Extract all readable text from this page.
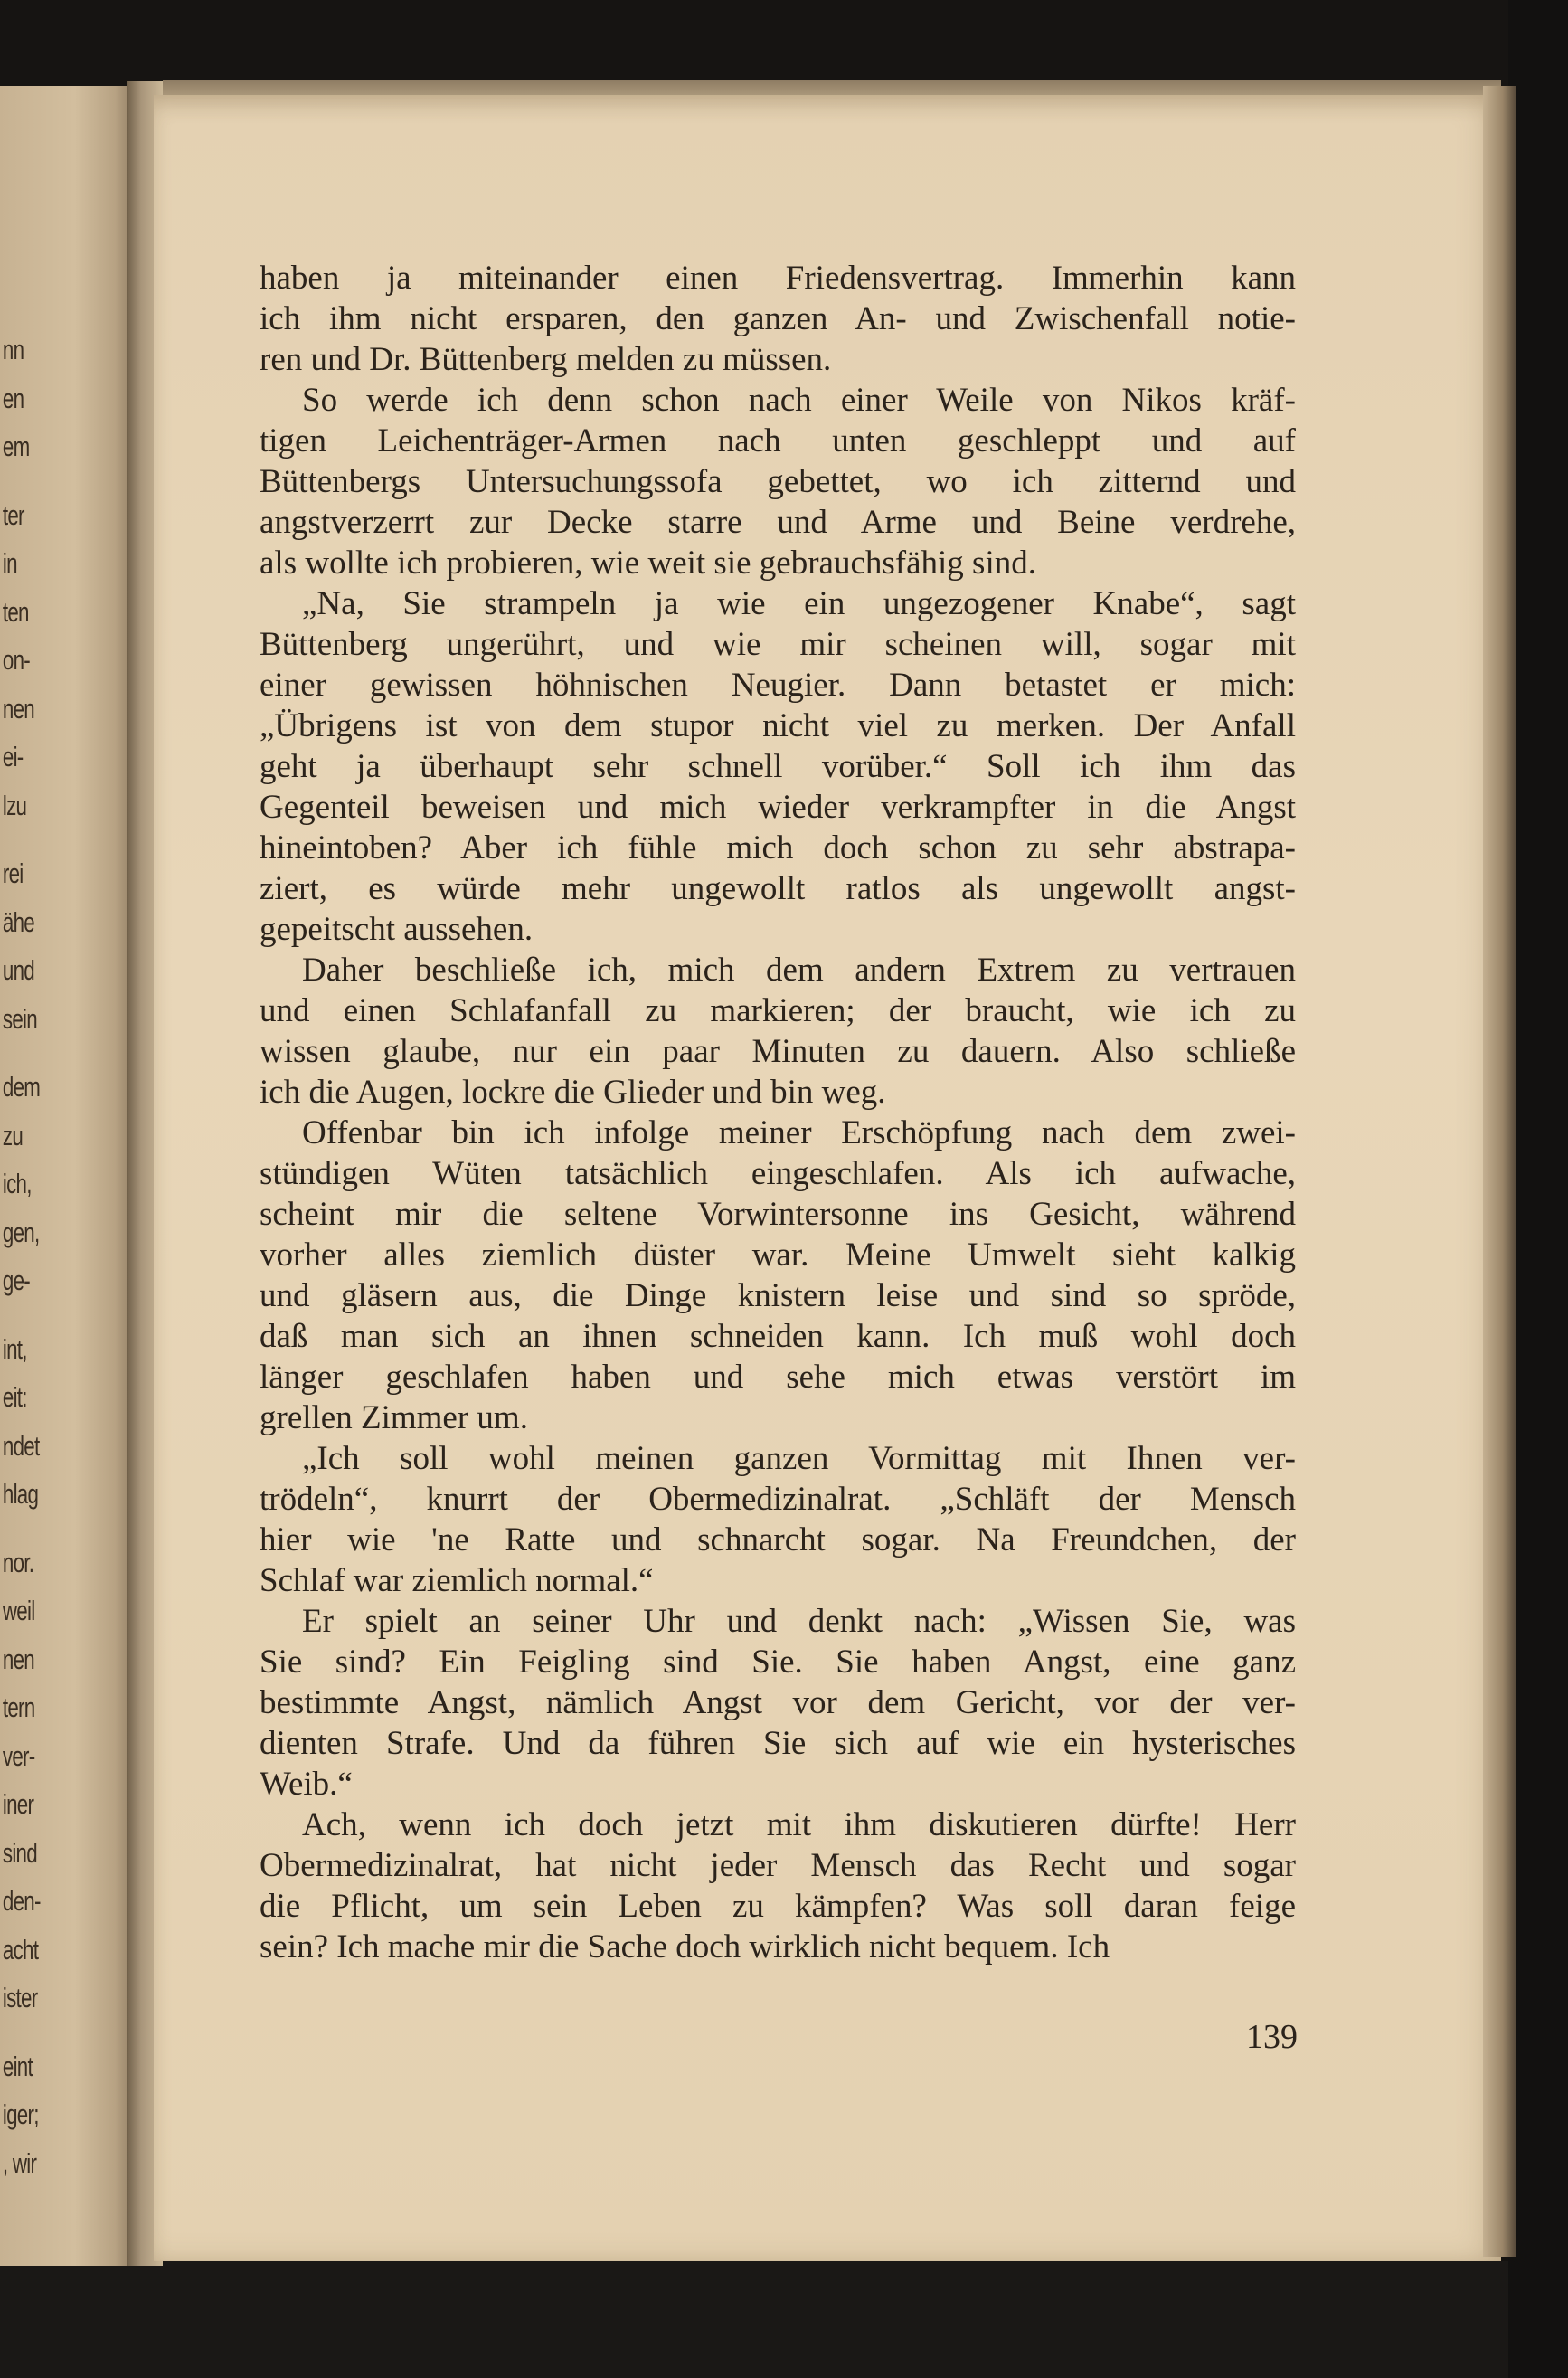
nn
en
em
ter
in
ten
on-
nen
ei-
lzu
rei
ähe
und
sein
dem
zu
ich,
gen,
ge-
int,
eit:
ndet
hlag
nor.
weil
nen
tern
ver-
iner
sind
den-
acht
ister
eint
iger;
, wir
haben ja miteinander einen Friedensvertrag. Immerhin kann
ich ihm nicht ersparen, den ganzen An- und Zwischenfall notie-
ren und Dr. Büttenberg melden zu müssen.
So werde ich denn schon nach einer Weile von Nikos kräf-
tigen Leichenträger-Armen nach unten geschleppt und auf
Büttenbergs Untersuchungssofa gebettet, wo ich zitternd und
angstverzerrt zur Decke starre und Arme und Beine verdrehe,
als wollte ich probieren, wie weit sie gebrauchsfähig sind.
„Na, Sie strampeln ja wie ein ungezogener Knabe“, sagt
Büttenberg ungerührt, und wie mir scheinen will, sogar mit
einer gewissen höhnischen Neugier. Dann betastet er mich:
„Übrigens ist von dem stupor nicht viel zu merken. Der Anfall
geht ja überhaupt sehr schnell vorüber.“ Soll ich ihm das
Gegenteil beweisen und mich wieder verkrampfter in die Angst
hineintoben? Aber ich fühle mich doch schon zu sehr abstrapa-
ziert, es würde mehr ungewollt ratlos als ungewollt angst-
gepeitscht aussehen.
Daher beschließe ich, mich dem andern Extrem zu vertrauen
und einen Schlafanfall zu markieren; der braucht, wie ich zu
wissen glaube, nur ein paar Minuten zu dauern. Also schließe
ich die Augen, lockre die Glieder und bin weg.
Offenbar bin ich infolge meiner Erschöpfung nach dem zwei-
stündigen Wüten tatsächlich eingeschlafen. Als ich aufwache,
scheint mir die seltene Vorwintersonne ins Gesicht, während
vorher alles ziemlich düster war. Meine Umwelt sieht kalkig
und gläsern aus, die Dinge knistern leise und sind so spröde,
daß man sich an ihnen schneiden kann. Ich muß wohl doch
länger geschlafen haben und sehe mich etwas verstört im
grellen Zimmer um.
„Ich soll wohl meinen ganzen Vormittag mit Ihnen ver-
trödeln“, knurrt der Obermedizinalrat. „Schläft der Mensch
hier wie 'ne Ratte und schnarcht sogar. Na Freundchen, der
Schlaf war ziemlich normal.“
Er spielt an seiner Uhr und denkt nach: „Wissen Sie, was
Sie sind? Ein Feigling sind Sie. Sie haben Angst, eine ganz
bestimmte Angst, nämlich Angst vor dem Gericht, vor der ver-
dienten Strafe. Und da führen Sie sich auf wie ein hysterisches
Weib.“
Ach, wenn ich doch jetzt mit ihm diskutieren dürfte! Herr
Obermedizinalrat, hat nicht jeder Mensch das Recht und sogar
die Pflicht, um sein Leben zu kämpfen? Was soll daran feige
sein? Ich mache mir die Sache doch wirklich nicht bequem. Ich
139
